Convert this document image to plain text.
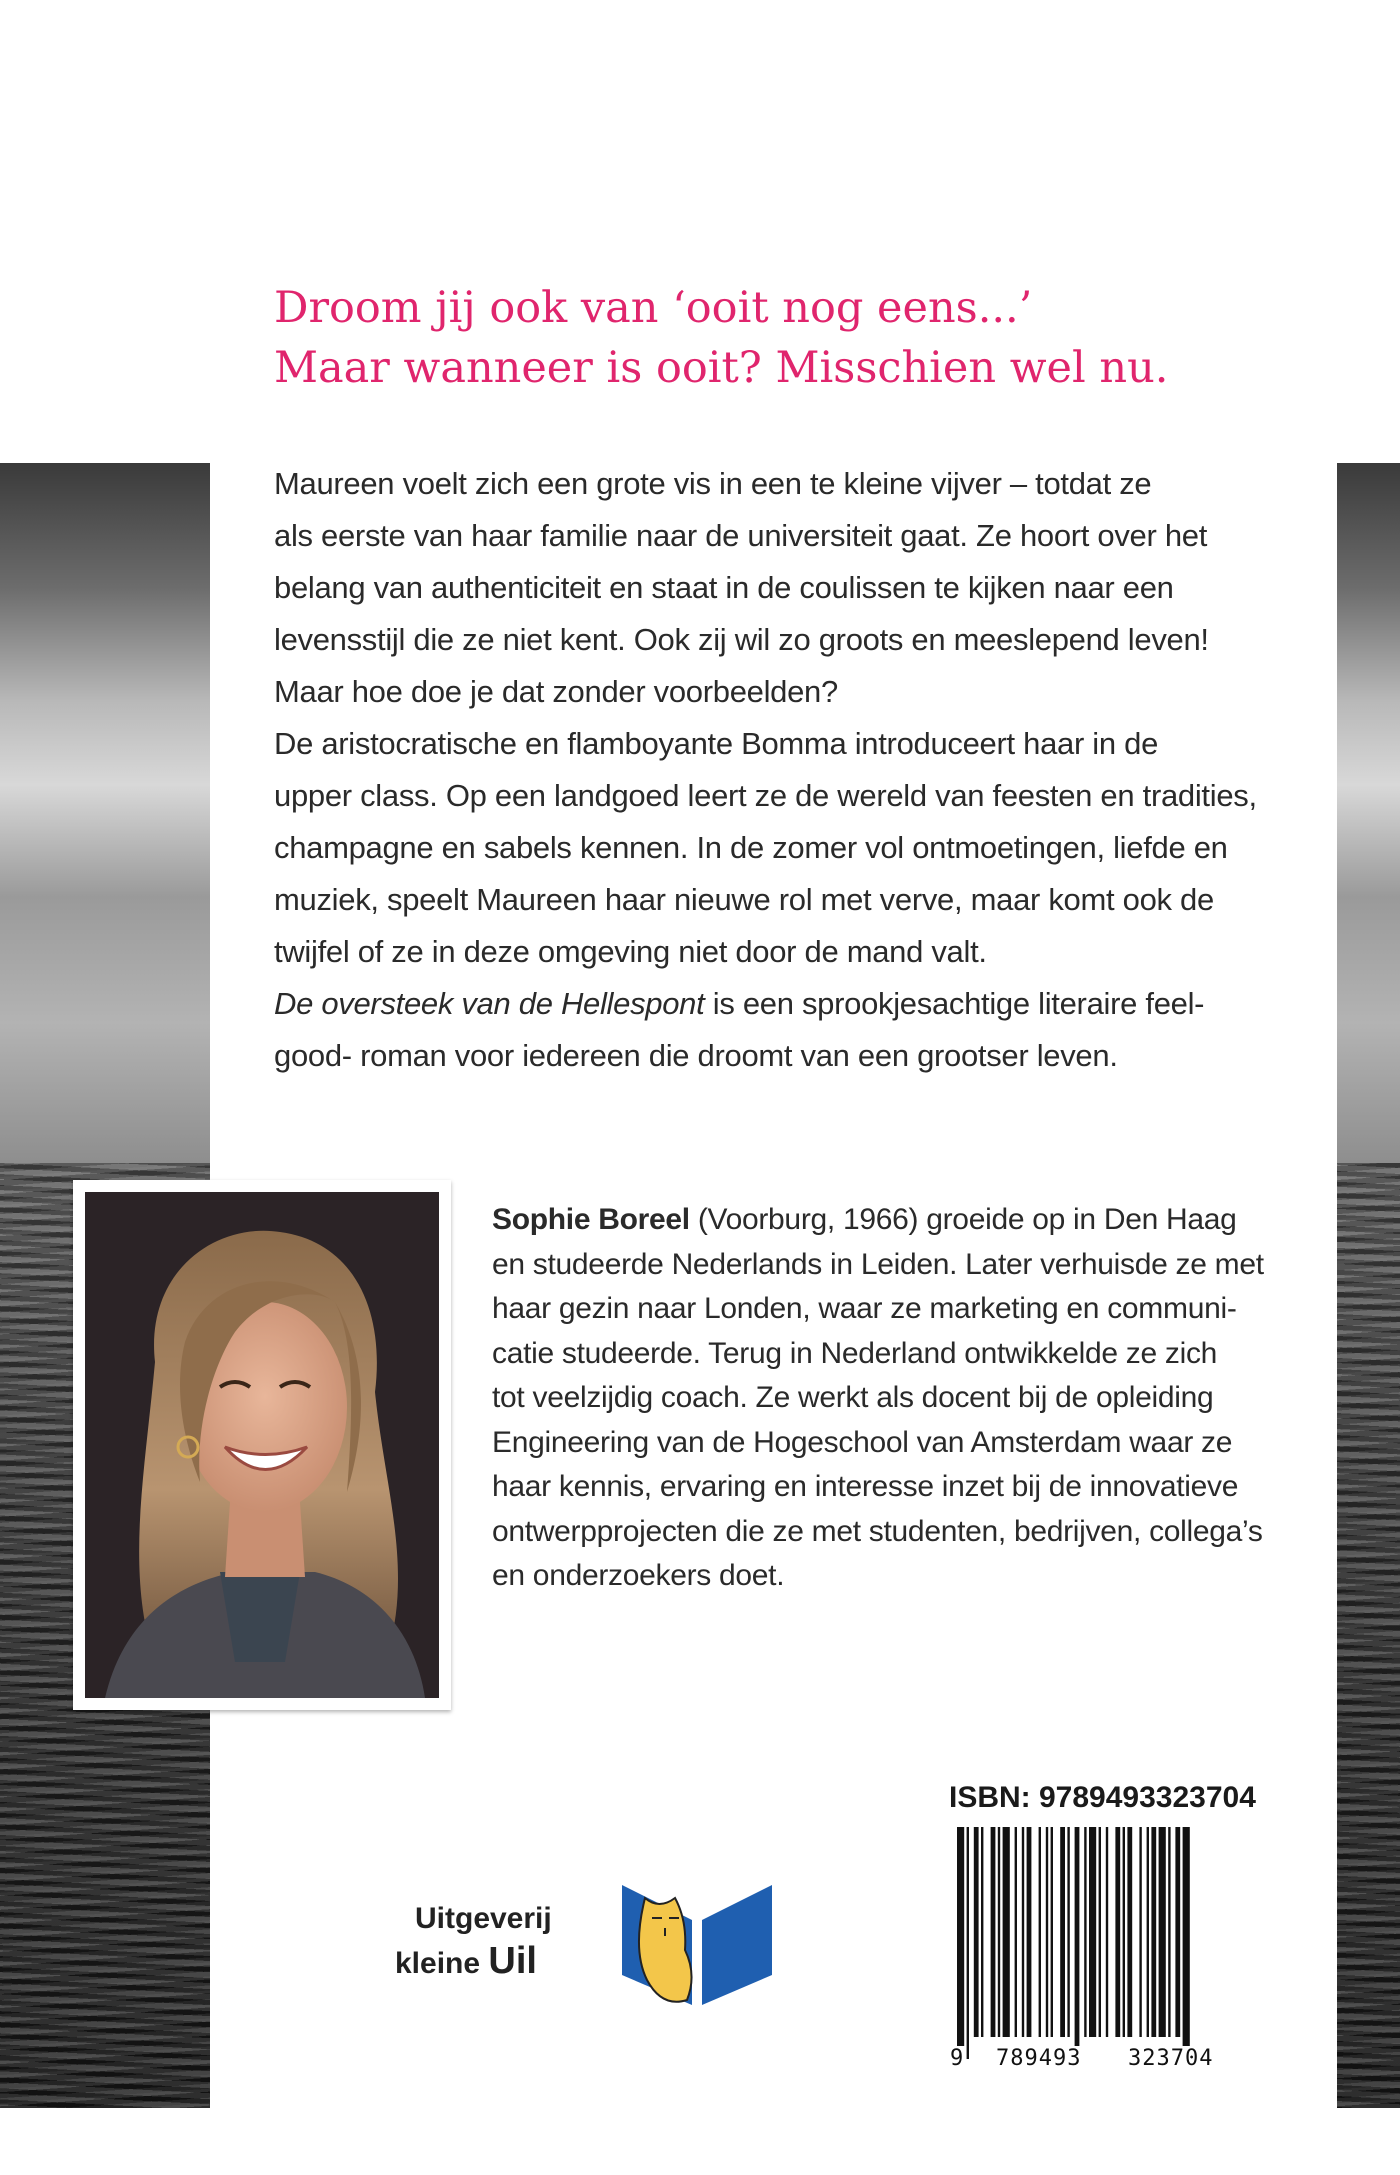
Droom jij ook van ‘ooit nog eens...’
Maar wanneer is ooit? Misschien wel nu.
Maureen voelt zich een grote vis in een te kleine vijver – totdat ze
als eerste van haar familie naar de universiteit gaat. Ze hoort over het
belang van authenticiteit en staat in de coulissen te kijken naar een
levensstijl die ze niet kent. Ook zij wil zo groots en meeslepend leven!
Maar hoe doe je dat zonder voorbeelden?
De aristocratische en flamboyante Bomma introduceert haar in de
upper class. Op een landgoed leert ze de wereld van feesten en tradities,
champagne en sabels kennen. In de zomer vol ontmoetingen, liefde en
muziek, speelt Maureen haar nieuwe rol met verve, maar komt ook de
twijfel of ze in deze omgeving niet door de mand valt.
De oversteek van de Hellespont is een sprookjesachtige literaire feel-
good- roman voor iedereen die droomt van een grootser leven.
Sophie Boreel (Voorburg, 1966) groeide op in Den Haag
en studeerde Nederlands in Leiden. Later verhuisde ze met
haar gezin naar Londen, waar ze marketing en communi-
catie studeerde. Terug in Nederland ontwikkelde ze zich
tot veelzijdig coach. Ze werkt als docent bij de opleiding
Engineering van de Hogeschool van Amsterdam waar ze
haar kennis, ervaring en interesse inzet bij de innovatieve
ontwerpprojecten die ze met studenten, bedrijven, collega’s
en onderzoekers doet.
ISBN: 9789493323704
9 789493 323704
Uitgeverij
kleine Uil
